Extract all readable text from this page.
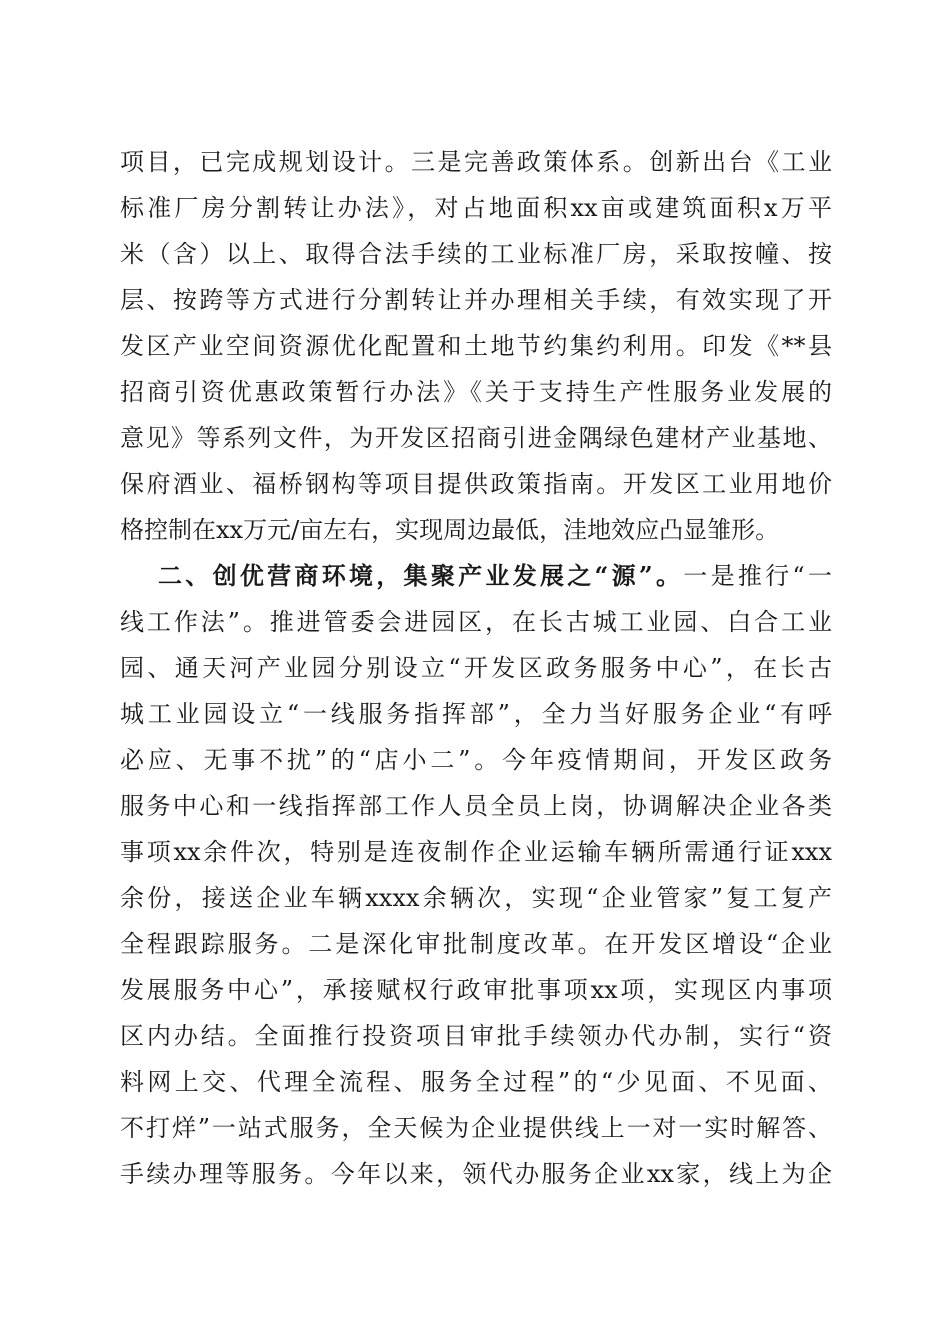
项目，已完成规划设计。三是完善政策体系。创新出台《工业
标准厂房分割转让办法》，对占地面积xx亩或建筑面积x万平
米（含）以上、取得合法手续的工业标准厂房，采取按幢、按
层、按跨等方式进行分割转让并办理相关手续，有效实现了开
发区产业空间资源优化配置和土地节约集约利用。印发《**县
招商引资优惠政策暂行办法》《关于支持生产性服务业发展的
意见》等系列文件，为开发区招商引进金隅绿色建材产业基地、
保府酒业、福桥钢构等项目提供政策指南。开发区工业用地价
格控制在xx万元/亩左右，实现周边最低，洼地效应凸显雏形。
二、创优营商环境，集聚产业发展之“源”。一是推行“一
线工作法”。推进管委会进园区，在长古城工业园、白合工业
园、通天河产业园分别设立“开发区政务服务中心”，在长古
城工业园设立“一线服务指挥部”，全力当好服务企业“有呼
必应、无事不扰”的“店小二”。今年疫情期间，开发区政务
服务中心和一线指挥部工作人员全员上岗，协调解决企业各类
事项xx余件次，特别是连夜制作企业运输车辆所需通行证xxx
余份，接送企业车辆xxxx余辆次，实现“企业管家”复工复产
全程跟踪服务。二是深化审批制度改革。在开发区增设“企业
发展服务中心”，承接赋权行政审批事项xx项，实现区内事项
区内办结。全面推行投资项目审批手续领办代办制，实行“资
料网上交、代理全流程、服务全过程”的“少见面、不见面、
不打烊”一站式服务，全天候为企业提供线上一对一实时解答、
手续办理等服务。今年以来，领代办服务企业xx家，线上为企
